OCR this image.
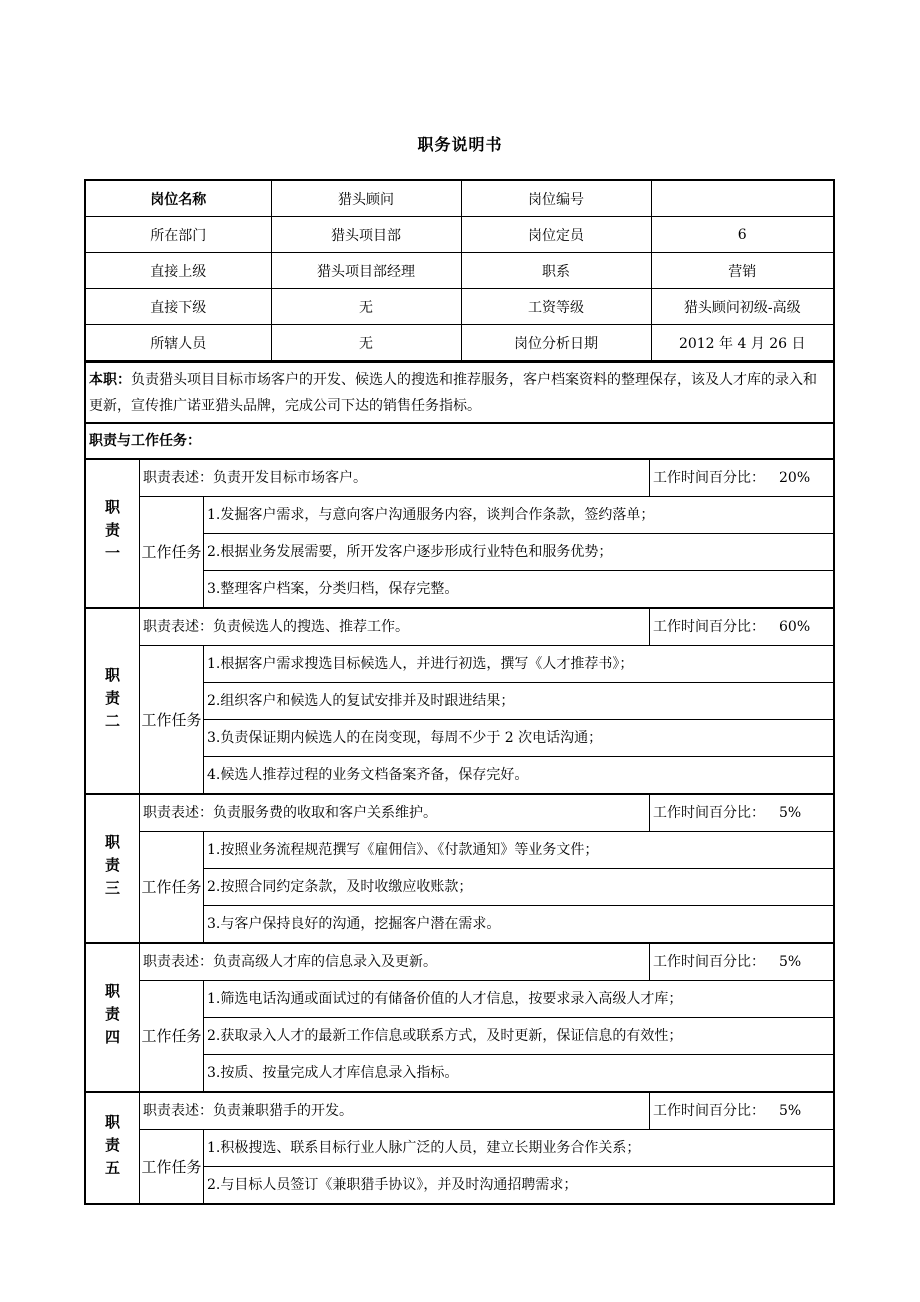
职务说明书
岗位名称	猎头顾问	岗位编号	
所在部门	猎头项目部	岗位定员	6
直接上级	猎头项目部经理	职系	营销
直接下级	无	工资等级	猎头顾问初级-高级
所辖人员	无	岗位分析日期	2012 年 4 月 26 日
本职：负责猎头项目目标市场客户的开发、候选人的搜选和推荐服务，客户档案资料的整理保存，该及人才库的录入和更新，宣传推广诺亚猎头品牌，完成公司下达的销售任务指标。
职责与工作任务：
职责一
职责表述：负责开发目标市场客户。	工作时间百分比： 20%
工作 任务
1.发掘客户需求，与意向客户沟通服务内容，谈判合作条款，签约落单；
2.根据业务发展需要，所开发客户逐步形成行业特色和服务优势；
3.整理客户档案，分类归档，保存完整。
职责二
职责表述：负责候选人的搜选、推荐工作。	工作时间百分比： 60%
工作 任务
1.根据客户需求搜选目标候选人，并进行初选，撰写《人才推荐书》；
2.组织客户和候选人的复试安排并及时跟进结果；
3.负责保证期内候选人的在岗变现，每周不少于 2 次电话沟通；
4.候选人推荐过程的业务文档备案齐备，保存完好。
职责三
职责表述：负责服务费的收取和客户关系维护。	工作时间百分比： 5%
工作 任务
1.按照业务流程规范撰写《雇佣信》、《付款通知》等业务文件；
2.按照合同约定条款，及时收缴应收账款；
3.与客户保持良好的沟通，挖掘客户潜在需求。
职责四
职责表述：负责高级人才库的信息录入及更新。	工作时间百分比： 5%
工作 任务
1.筛选电话沟通或面试过的有储备价值的人才信息，按要求录入高级人才库；
2.获取录入人才的最新工作信息或联系方式，及时更新，保证信息的有效性；
3.按质、按量完成人才库信息录入指标。
职责五
职责表述：负责兼职猎手的开发。	工作时间百分比： 5%
工作 任务
1.积极搜选、联系目标行业人脉广泛的人员，建立长期业务合作关系；
2.与目标人员签订《兼职猎手协议》，并及时沟通招聘需求；
